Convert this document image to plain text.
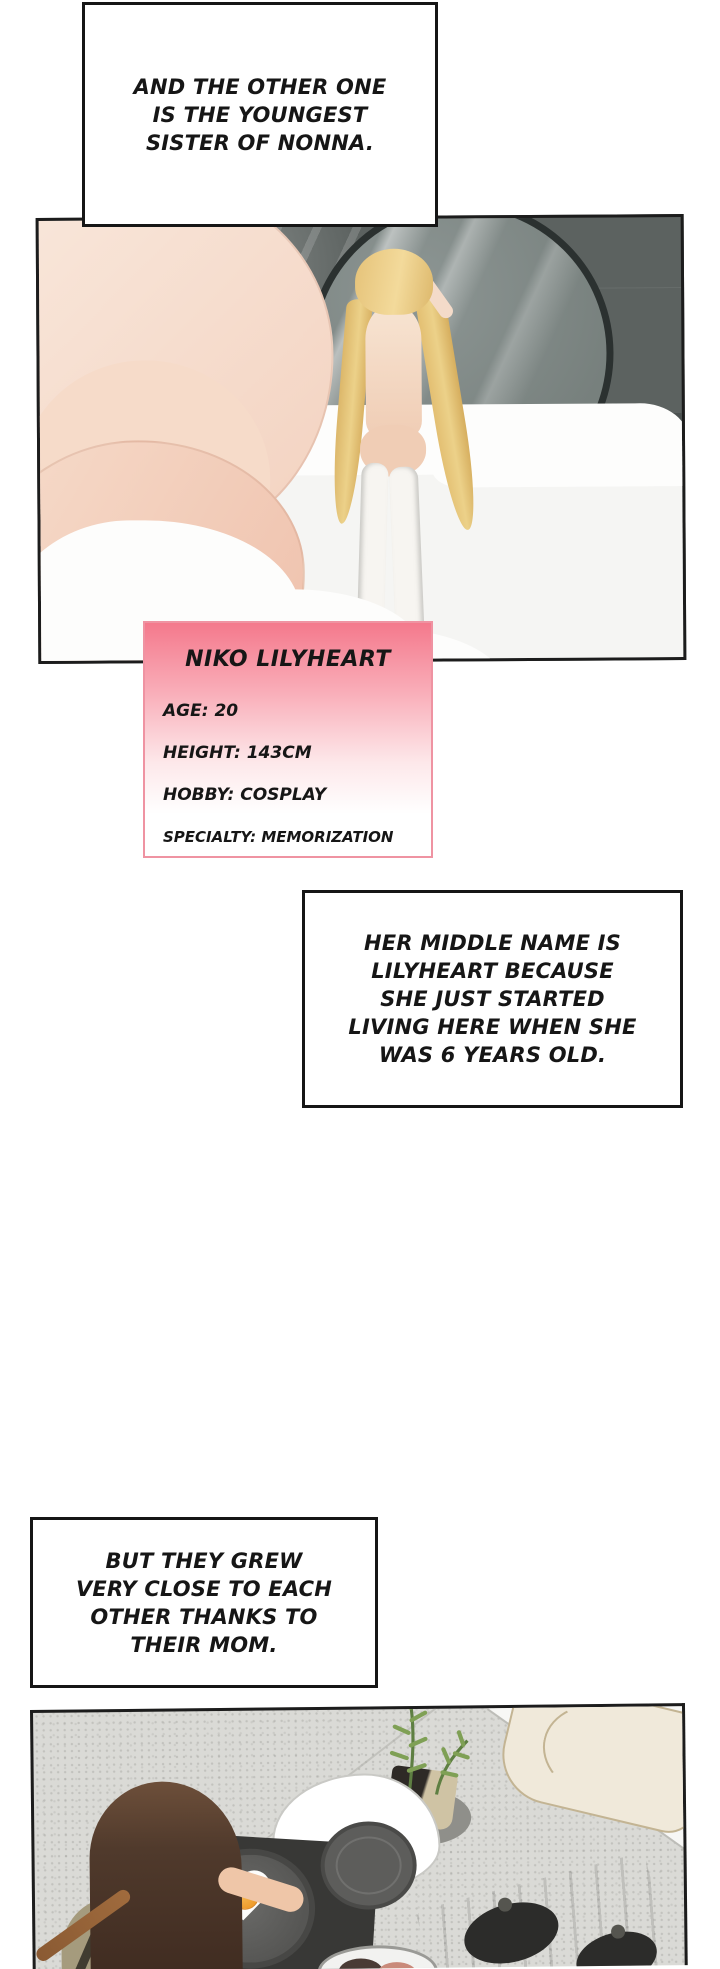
AND THE OTHER ONE
IS THE YOUNGEST
SISTER OF NONNA.
NIKO LILYHEART
AGE: 20
HEIGHT: 143CM
HOBBY: COSPLAY
SPECIALTY: MEMORIZATION
HER MIDDLE NAME IS
LILYHEART BECAUSE
SHE JUST STARTED
LIVING HERE WHEN SHE
WAS 6 YEARS OLD.
BUT THEY GREW
VERY CLOSE TO EACH
OTHER THANKS TO
THEIR MOM.
